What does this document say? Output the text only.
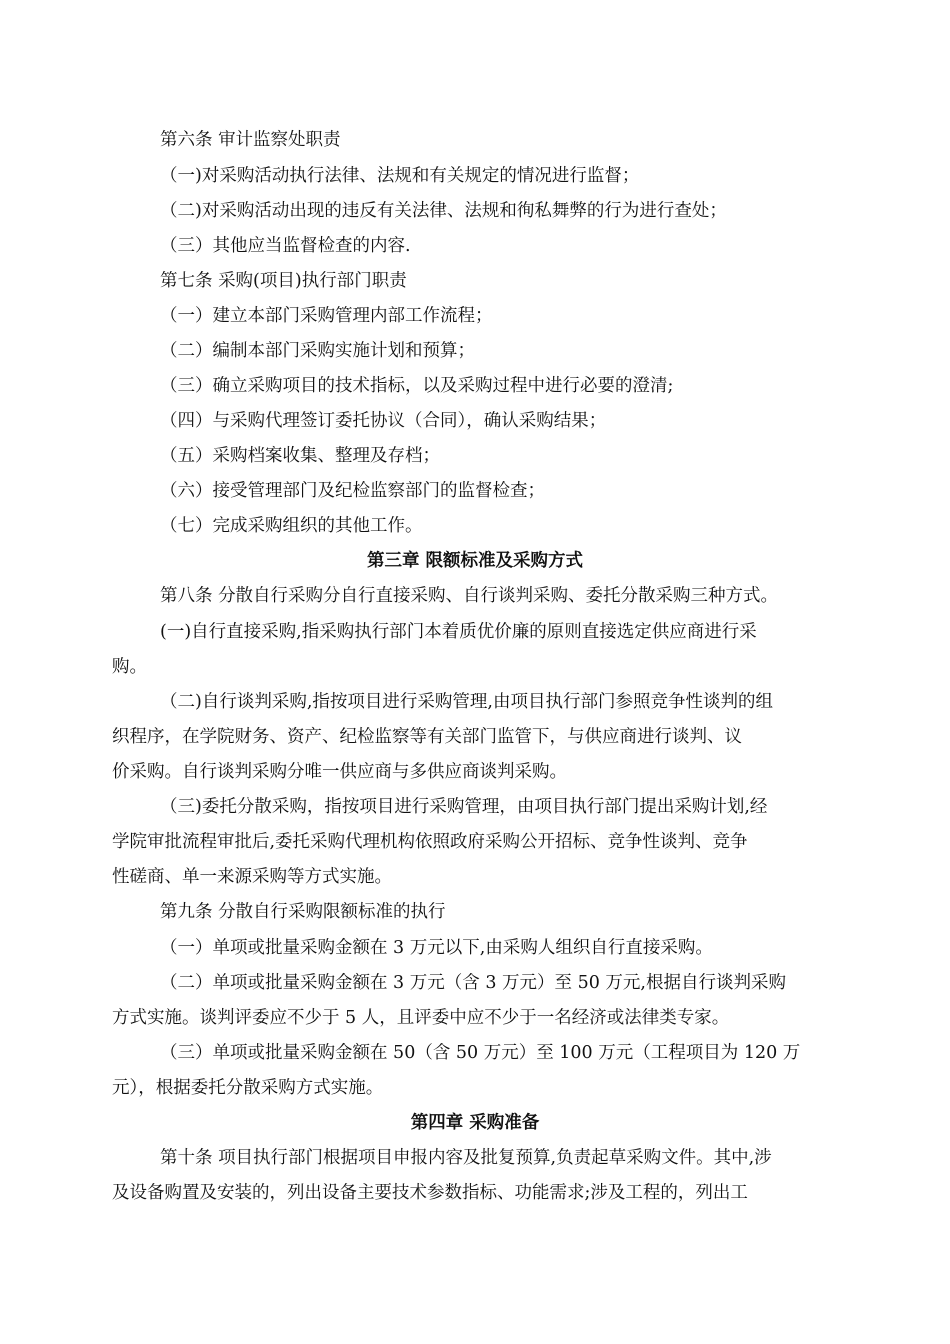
第六条 审计监察处职责
（一)对采购活动执行法律、法规和有关规定的情况进行监督；
（二)对采购活动出现的违反有关法律、法规和徇私舞弊的行为进行查处；
（三）其他应当监督检查的内容.
第七条 采购(项目)执行部门职责
（一）建立本部门采购管理内部工作流程；
（二）编制本部门采购实施计划和预算；
（三）确立采购项目的技术指标，以及采购过程中进行必要的澄清;
（四）与采购代理签订委托协议（合同），确认采购结果；
（五）采购档案收集、整理及存档；
（六）接受管理部门及纪检监察部门的监督检查；
（七）完成采购组织的其他工作。
第三章 限额标准及采购方式
第八条 分散自行采购分自行直接采购、自行谈判采购、委托分散采购三种方式。
(一)自行直接采购,指采购执行部门本着质优价廉的原则直接选定供应商进行采
购。
（二)自行谈判采购,指按项目进行采购管理,由项目执行部门参照竞争性谈判的组
织程序，在学院财务、资产、纪检监察等有关部门监管下，与供应商进行谈判、议
价采购。自行谈判采购分唯一供应商与多供应商谈判采购。
（三)委托分散采购，指按项目进行采购管理，由项目执行部门提出采购计划,经
学院审批流程审批后,委托采购代理机构依照政府采购公开招标、竞争性谈判、竞争
性磋商、单一来源采购等方式实施。
第九条 分散自行采购限额标准的执行
（一）单项或批量采购金额在 3 万元以下,由采购人组织自行直接采购。
（二）单项或批量采购金额在 3 万元（含 3 万元）至 50 万元,根据自行谈判采购
方式实施。谈判评委应不少于 5 人，且评委中应不少于一名经济或法律类专家。
（三）单项或批量采购金额在 50（含 50 万元）至 100 万元（工程项目为 120 万
元），根据委托分散采购方式实施。
第四章 采购准备
第十条 项目执行部门根据项目申报内容及批复预算,负责起草采购文件。其中,涉
及设备购置及安装的，列出设备主要技术参数指标、功能需求;涉及工程的，列出工
